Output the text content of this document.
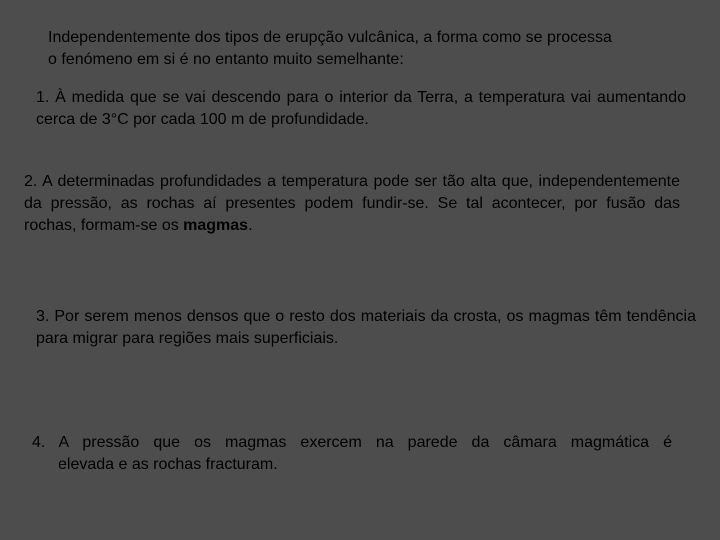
Independentemente dos tipos de erupção vulcânica, a forma como se processa
o fenómeno em si é no entanto muito semelhante:
1. À medida que se vai descendo para o interior da Terra, a temperatura vai aumentando cerca de 3°C por cada 100 m de profundidade.
2. A determinadas profundidades a temperatura pode ser tão alta que, independentemente da pressão, as rochas aí presentes podem fundir-se. Se tal acontecer, por fusão das rochas, formam-se os magmas.
3. Por serem menos densos que o resto dos materiais da crosta, os magmas têm tendência para migrar para regiões mais superficiais.
4. A pressão que os magmas exercem na parede da câmara magmática é
elevada e as rochas fracturam.
